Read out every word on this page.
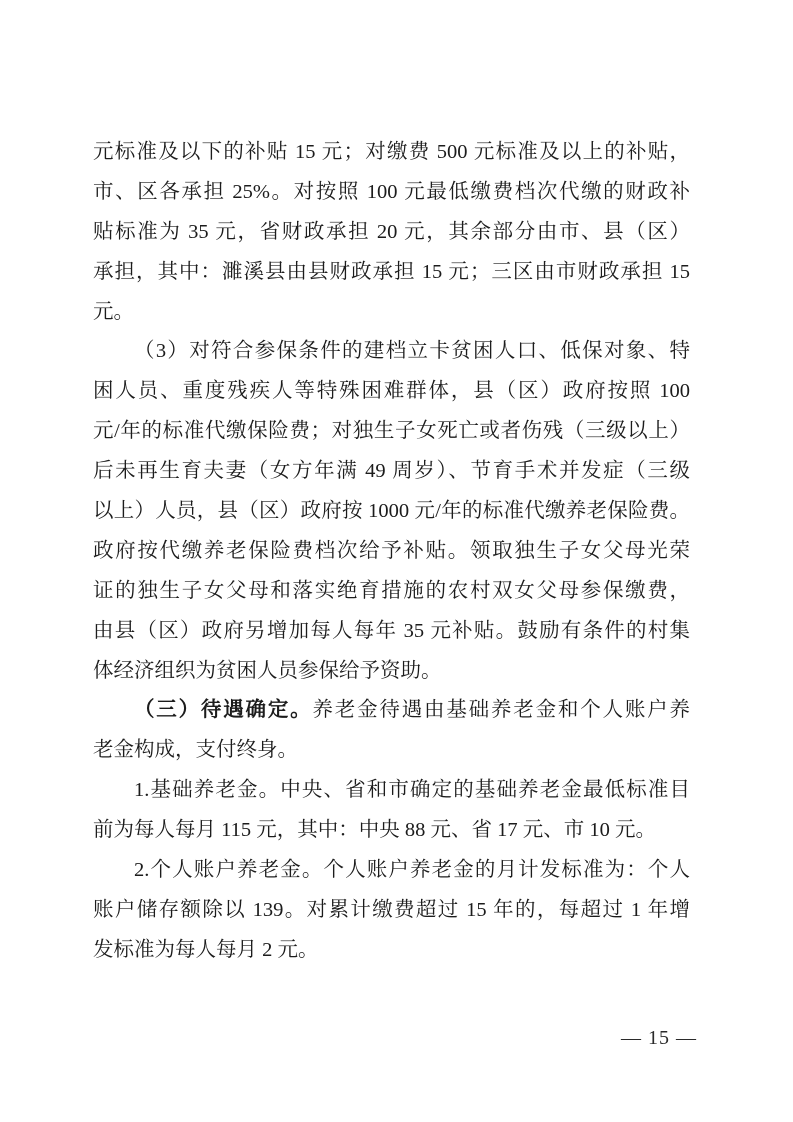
元标准及以下的补贴 15 元；对缴费 500 元标准及以上的补贴，
市、区各承担 25%。对按照 100 元最低缴费档次代缴的财政补
贴标准为 35 元，省财政承担 20 元，其余部分由市、县（区）
承担，其中：濉溪县由县财政承担 15 元；三区由市财政承担 15
元。
（3）对符合参保条件的建档立卡贫困人口、低保对象、特
困人员、重度残疾人等特殊困难群体，县（区）政府按照 100
元/年的标准代缴保险费；对独生子女死亡或者伤残（三级以上）
后未再生育夫妻（女方年满 49 周岁）、节育手术并发症（三级
以上）人员，县（区）政府按 1000 元/年的标准代缴养老保险费。
政府按代缴养老保险费档次给予补贴。领取独生子女父母光荣
证的独生子女父母和落实绝育措施的农村双女父母参保缴费，
由县（区）政府另增加每人每年 35 元补贴。鼓励有条件的村集
体经济组织为贫困人员参保给予资助。
（三）待遇确定。养老金待遇由基础养老金和个人账户养
老金构成，支付终身。
1.基础养老金。中央、省和市确定的基础养老金最低标准目
前为每人每月 115 元，其中：中央 88 元、省 17 元、市 10 元。
2.个人账户养老金。个人账户养老金的月计发标准为：个人
账户储存额除以 139。对累计缴费超过 15 年的，每超过 1 年增
发标准为每人每月 2 元。
— 15 —
